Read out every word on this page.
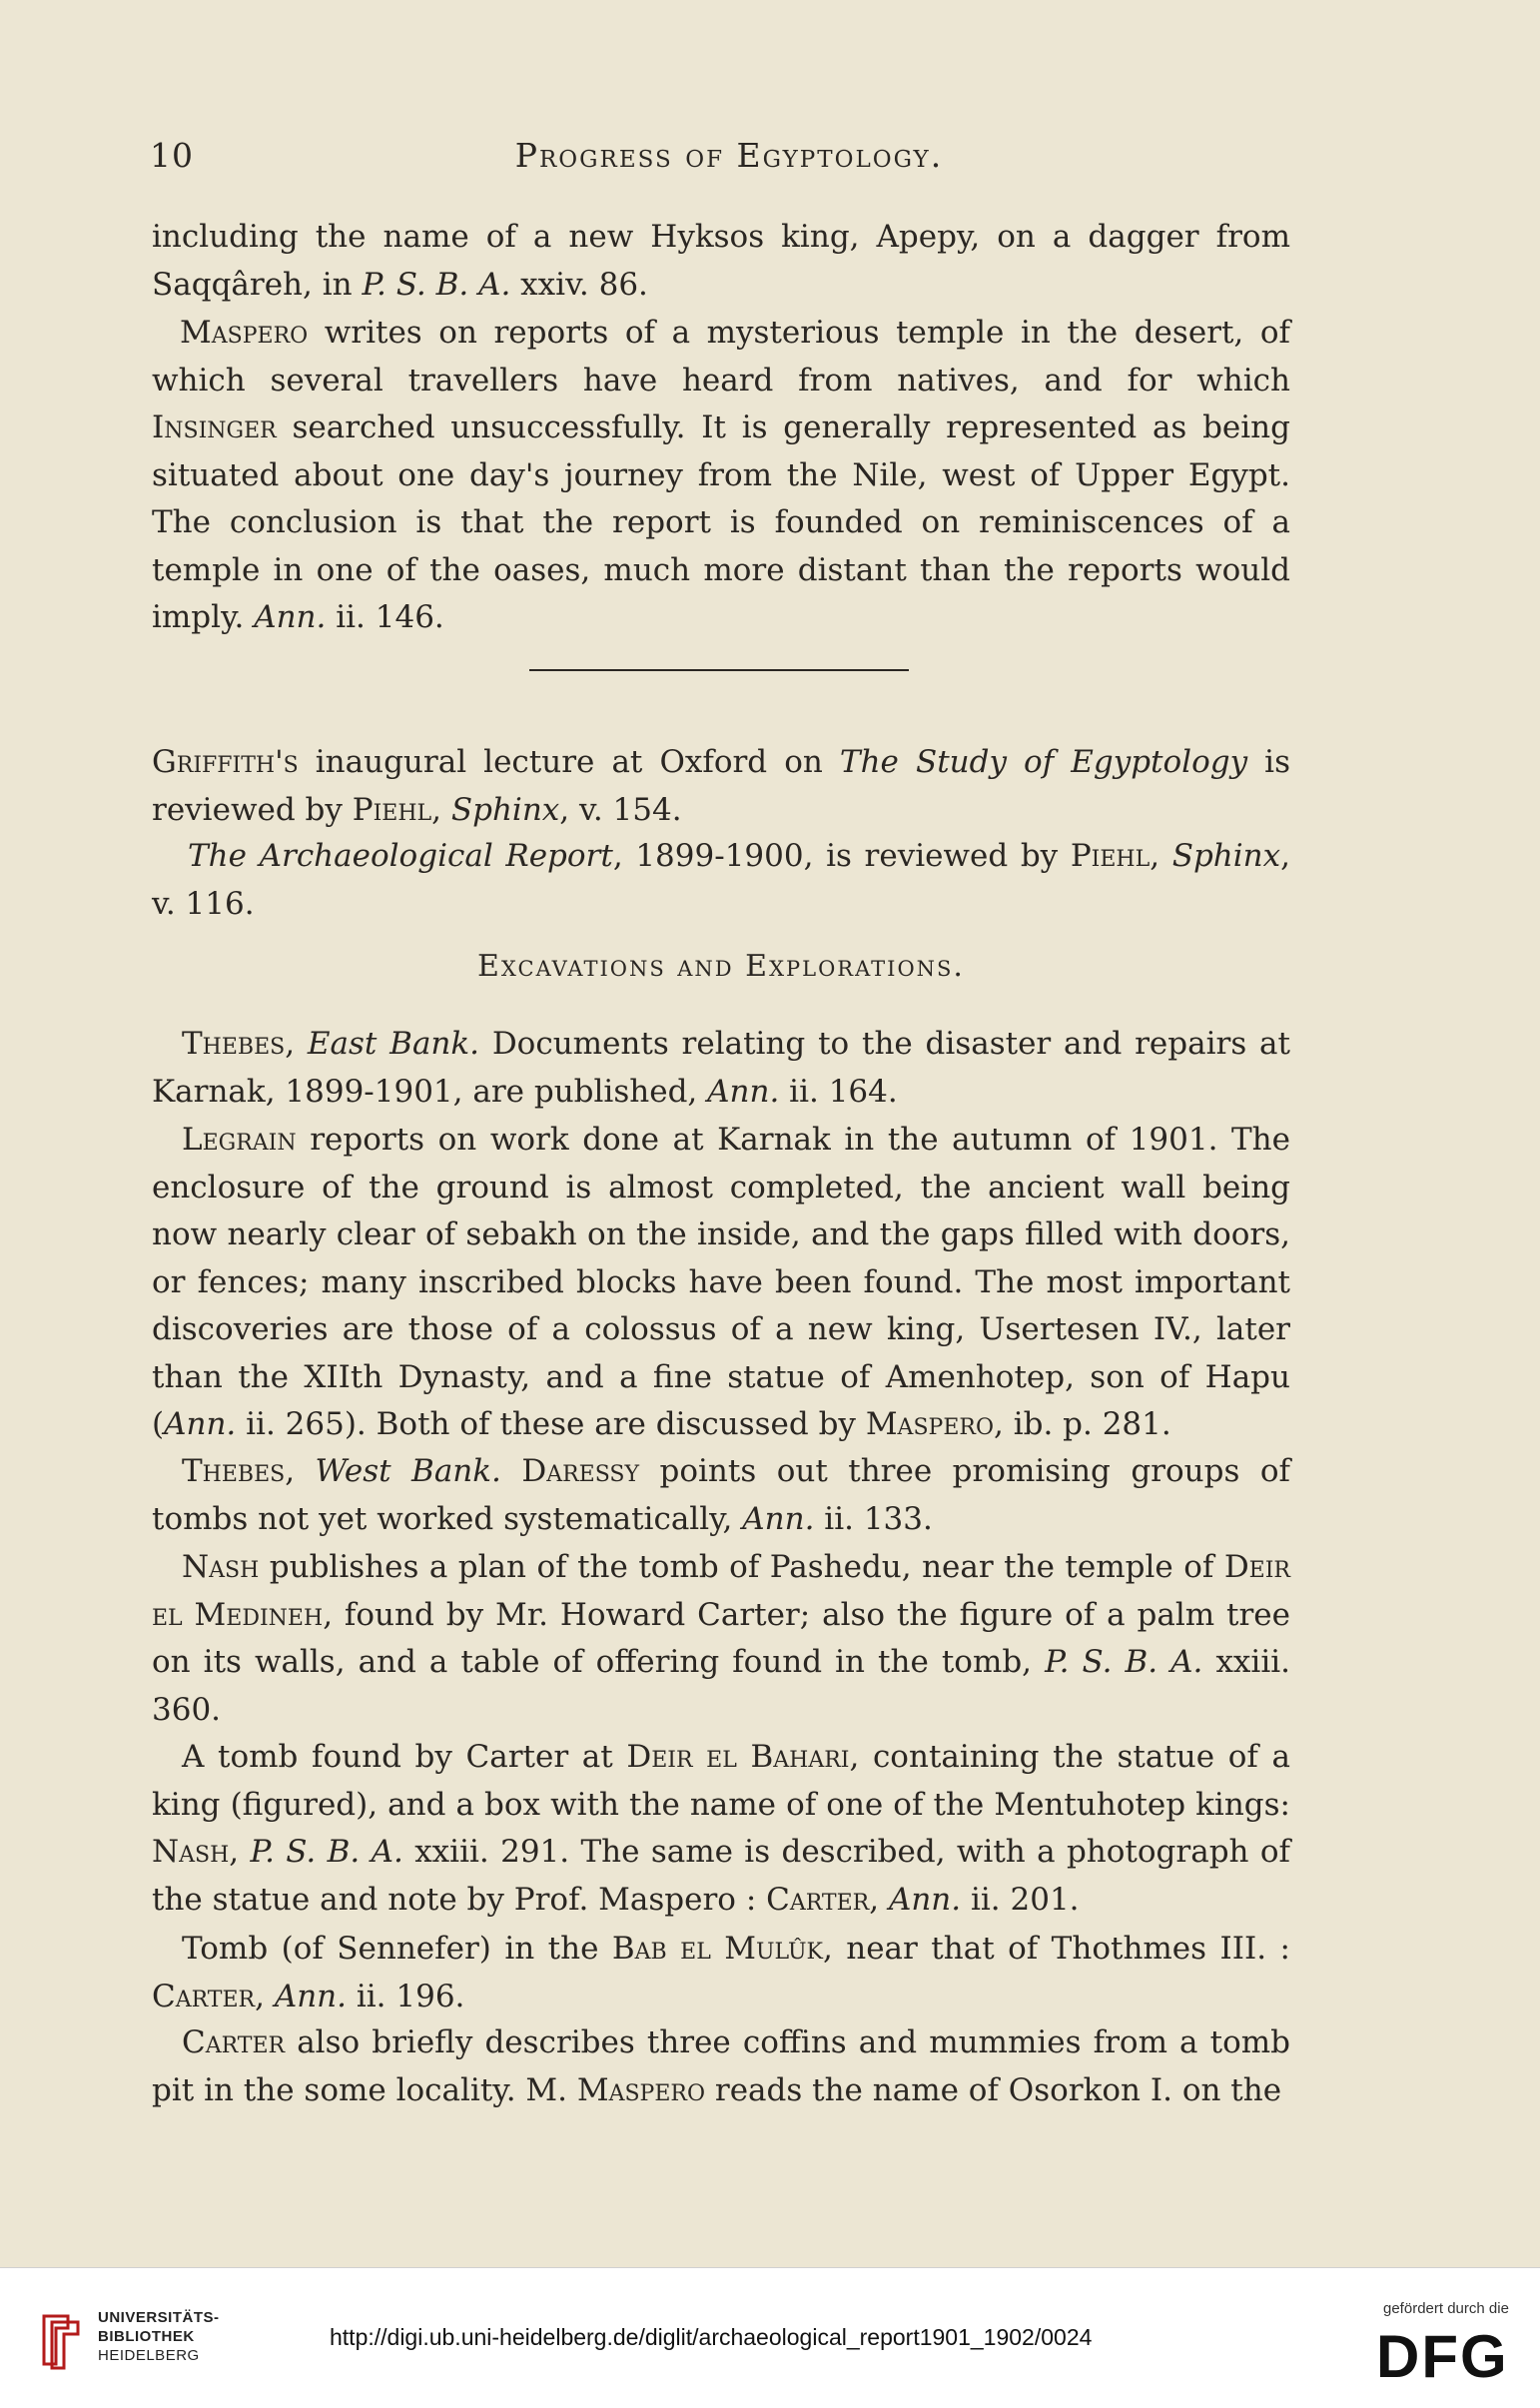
10	Progress of Egyptology.

including the name of a new Hyksos king, Apepy, on a dagger from Saqqâreh, in P. S. B. A. xxiv. 86.

Maspero writes on reports of a mysterious temple in the desert, of which several travellers have heard from natives, and for which Insinger searched unsuccessfully. It is generally represented as being situated about one day's journey from the Nile, west of Upper Egypt. The conclusion is that the report is founded on reminiscences of a temple in one of the oases, much more distant than the reports would imply. Ann. ii. 146.

Griffith's inaugural lecture at Oxford on The Study of Egyptology is reviewed by Piehl, Sphinx, v. 154.

The Archaeological Report, 1899-1900, is reviewed by Piehl, Sphinx, v. 116.

Excavations and Explorations.

Thebes, East Bank. Documents relating to the disaster and repairs at Karnak, 1899-1901, are published, Ann. ii. 164.

Legrain reports on work done at Karnak in the autumn of 1901. The enclosure of the ground is almost completed, the ancient wall being now nearly clear of sebakh on the inside, and the gaps filled with doors, or fences; many inscribed blocks have been found. The most important discoveries are those of a colossus of a new king, Usertesen IV., later than the XIIth Dynasty, and a fine statue of Amenhotep, son of Hapu (Ann. ii. 265). Both of these are discussed by Maspero, ib. p. 281.

Thebes, West Bank. Daressy points out three promising groups of tombs not yet worked systematically, Ann. ii. 133.

Nash publishes a plan of the tomb of Pashedu, near the temple of Deir el Medineh, found by Mr. Howard Carter; also the figure of a palm tree on its walls, and a table of offering found in the tomb, P. S. B. A. xxiii. 360.

A tomb found by Carter at Deir el Bahari, containing the statue of a king (figured), and a box with the name of one of the Mentuhotep kings: Nash, P. S. B. A. xxiii. 291. The same is described, with a photograph of the statue and note by Prof. Maspero : Carter, Ann. ii. 201.

Tomb (of Sennefer) in the Bab el Mulûk, near that of Thothmes III. : Carter, Ann. ii. 196.

Carter also briefly describes three coffins and mummies from a tomb pit in the some locality. M. Maspero reads the name of Osorkon I. on the

UNIVERSITÄTS-
BIBLIOTHEK
HEIDELBERG
http://digi.ub.uni-heidelberg.de/diglit/archaeological_report1901_1902/0024
gefördert durch die
DFG
